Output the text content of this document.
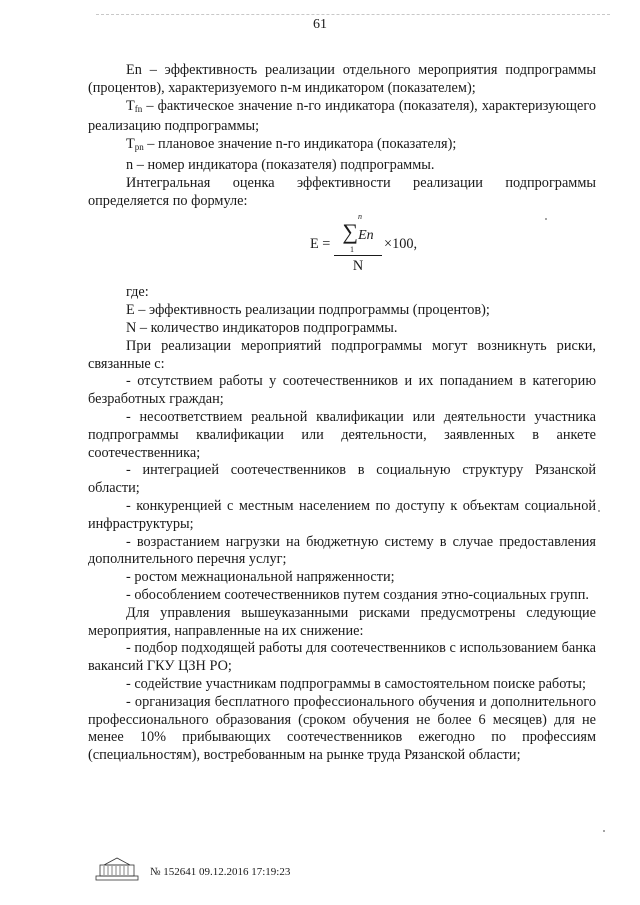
61

En – эффективность реализации отдельного мероприятия подпрограммы (процентов), характеризуемого n-м индикатором (показателем);

$T_{fn}$ – фактическое значение n-го индикатора (показателя), характеризующего реализацию подпрограммы;

$T_{pn}$ – плановое значение n-го индикатора (показателя);

n – номер индикатора (показателя) подпрограммы.

Интегральная оценка эффективности реализации подпрограммы определяется по формуле:

E =
n
∑En
1
N
×100,

где:

E – эффективность реализации подпрограммы (процентов);

N – количество индикаторов подпрограммы.

При реализации мероприятий подпрограммы могут возникнуть риски, связанные с:

- отсутствием работы у соотечественников и их попаданием в категорию безработных граждан;

- несоответствием реальной квалификации или деятельности участника подпрограммы квалификации или деятельности, заявленных в анкете соотечественника;

- интеграцией соотечественников в социальную структуру Рязанской области;

- конкуренцией с местным населением по доступу к объектам социальной инфраструктуры;

- возрастанием нагрузки на бюджетную систему в случае предоставления дополнительного перечня услуг;

- ростом межнациональной напряженности;

- обособлением соотечественников путем создания этно-социальных групп.

Для управления вышеуказанными рисками предусмотрены следующие мероприятия, направленные на их снижение:

- подбор подходящей работы для соотечественников с использованием банка вакансий ГКУ ЦЗН РО;

- содействие участникам подпрограммы в самостоятельном поиске работы;

- организация бесплатного профессионального обучения и дополнительного профессионального образования (сроком обучения не более 6 месяцев) для не менее 10% прибывающих соотечественников ежегодно по профессиям (специальностям), востребованным на рынке труда Рязанской области;

№ 152641 09.12.2016 17:19:23
